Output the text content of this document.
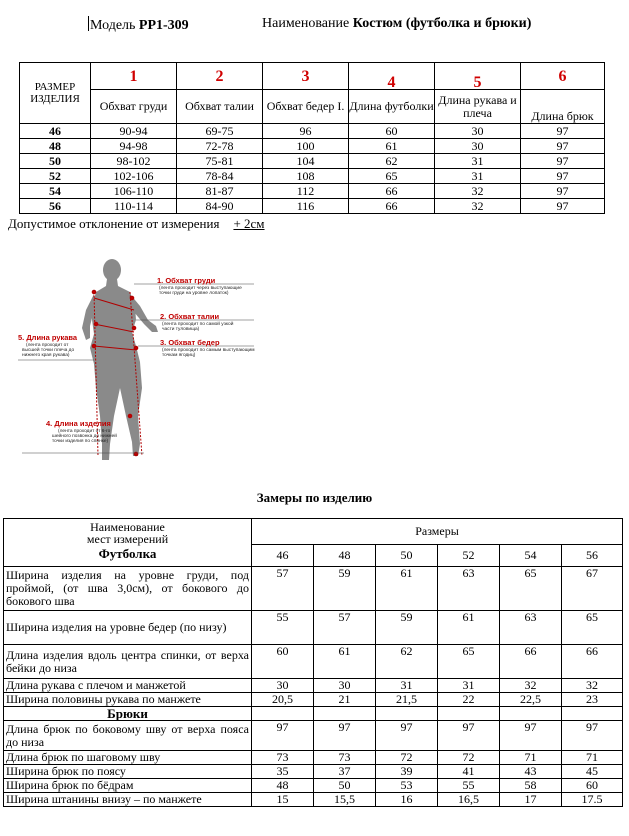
Модель PP1-309	Наименование Костюм (футболка и брюки)
РАЗМЕР ИЗДЕЛИЯ	1	2	3	4	5	6
	Обхват груди	Обхват талии	Обхват бедер I.	Длина футболки	Длина рукава и плеча	Длина брюк
46	90-94	69-75	96	60	30	97
48	94-98	72-78	100	61	30	97
50	98-102	75-81	104	62	31	97
52	102-106	78-84	108	65	31	97
54	106-110	81-87	112	66	32	97
56	110-114	84-90	116	66	32	97
Допустимое отклонение от измерения + 2см
1. Обхват груди
(лента проходит через выступающие
точки груди на уровне лопаток)
2. Обхват талии
(лента проходит по самой узкой
части туловища)
3. Обхват бедер
(лента проходит по самым выступающим
точкам ягодиц)
5. Длина рукава
(лента проходит от
высшей точки плеча до
нижнего края рукава)
4. Длина изделия
(лента проходит от 6-го
шейного позвонка до нижней
точки изделия по спинке)
Замеры по изделию
Наименование
мест измерений
Футболка	Размеры					
	46	48	50	52	54	56
Ширина изделия на уровне груди, под проймой, (от шва 3,0см), от бокового до бокового шва	57	59	61	63	65	67
Ширина изделия на уровне бедер (по низу)	55	57	59	61	63	65
Длина изделия вдоль центра спинки, от верха бейки до низа	60	61	62	65	66	66
Длина рукава с плечом и манжетой	30	30	31	31	32	32
Ширина половины рукава по манжете	20,5	21	21,5	22	22,5	23
Брюки						
Длина брюк по боковому шву от верха пояса до низа	97	97	97	97	97	97
Длина брюк по шаговому шву	73	73	72	72	71	71
Ширина брюк по поясу	35	37	39	41	43	45
Ширина брюк по бёдрам	48	50	53	55	58	60
Ширина штанины внизу – по манжете	15	15,5	16	16,5	17	17.5
